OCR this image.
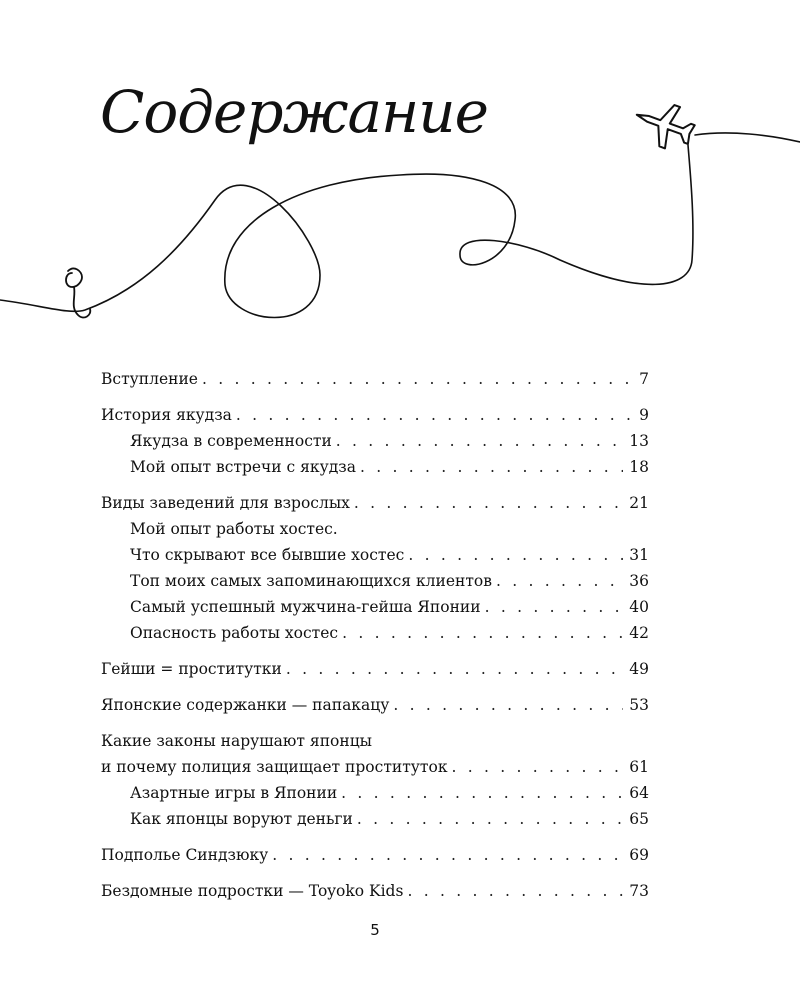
Содержание
Вступление . . .	7
История якудза . . .	9
Якудза в современности . . .	13
Мой опыт встречи с якудза . . .	18
Виды заведений для взрослых . . .	21
Мой опыт работы хостес.
Что скрывают все бывшие хостес . . .	31
Топ моих самых запоминающихся клиентов . . .	36
Самый успешный мужчина-гейша Японии . . .	40
Опасность работы хостес . . .	42
Гейши = проститутки . . .	49
Японские содержанки — папакацу . . .	53
Какие законы нарушают японцы
и почему полиция защищает проституток . . .	61
Азартные игры в Японии . . .	64
Как японцы воруют деньги . . .	65
Подполье Синдзюку . . .	69
Бездомные подростки — Toyoko Kids . . .	73
5
